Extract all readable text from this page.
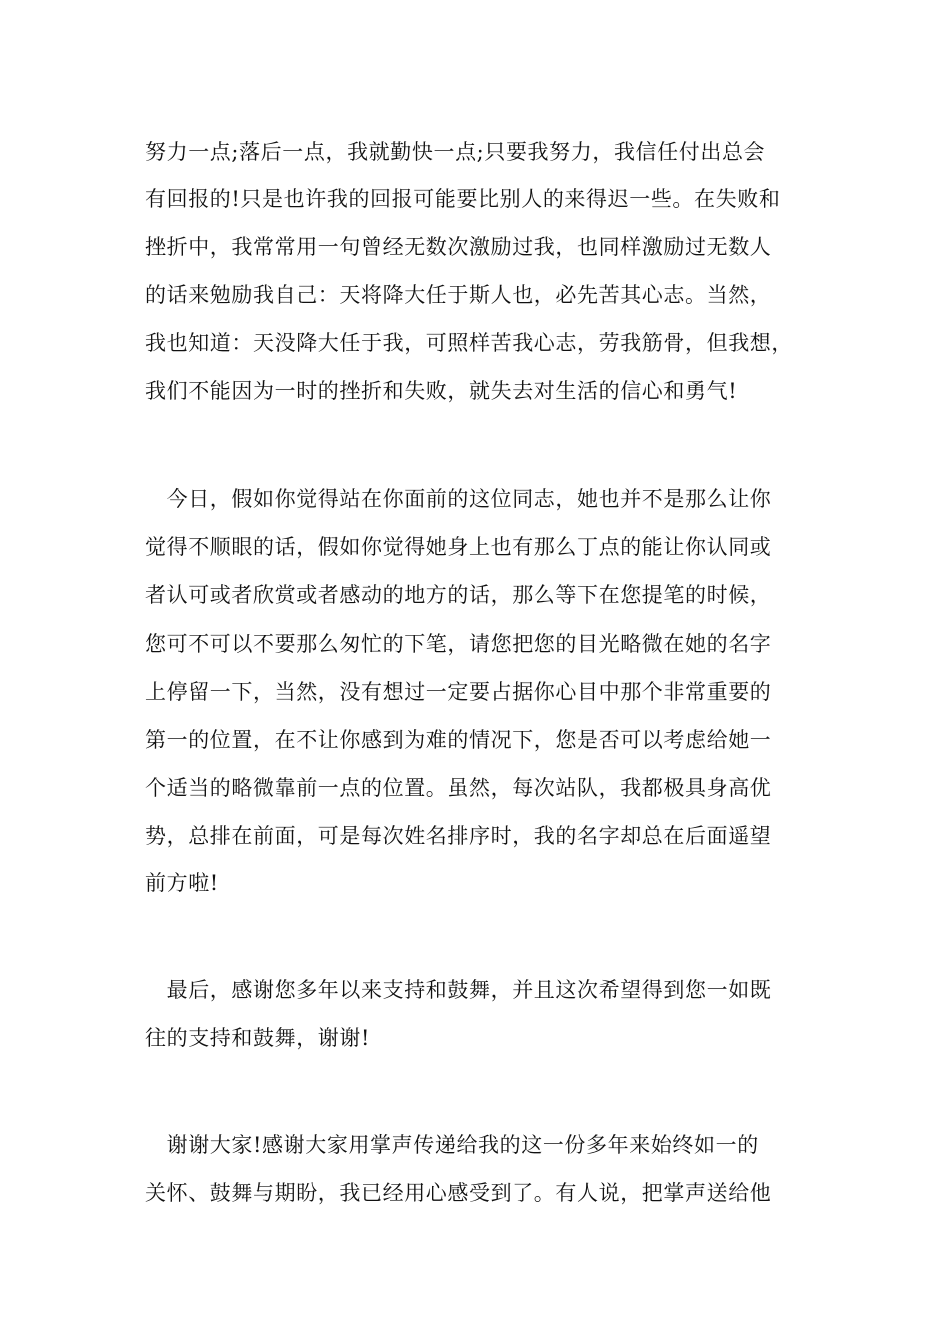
努力一点;落后一点，我就勤快一点;只要我努力，我信任付出总会
有回报的!只是也许我的回报可能要比别人的来得迟一些。在失败和
挫折中，我常常用一句曾经无数次激励过我，也同样激励过无数人
的话来勉励我自己：天将降大任于斯人也，必先苦其心志。当然，
我也知道：天没降大任于我，可照样苦我心志，劳我筋骨，但我想，
我们不能因为一时的挫折和失败，就失去对生活的信心和勇气!
　今日，假如你觉得站在你面前的这位同志，她也并不是那么让你
觉得不顺眼的话，假如你觉得她身上也有那么丁点的能让你认同或
者认可或者欣赏或者感动的地方的话，那么等下在您提笔的时候，
您可不可以不要那么匆忙的下笔，请您把您的目光略微在她的名字
上停留一下，当然，没有想过一定要占据你心目中那个非常重要的
第一的位置，在不让你感到为难的情况下，您是否可以考虑给她一
个适当的略微靠前一点的位置。虽然，每次站队，我都极具身高优
势，总排在前面，可是每次姓名排序时，我的名字却总在后面遥望
前方啦!
　最后，感谢您多年以来支持和鼓舞，并且这次希望得到您一如既
往的支持和鼓舞，谢谢!
　谢谢大家!感谢大家用掌声传递给我的这一份多年来始终如一的
关怀、鼓舞与期盼，我已经用心感受到了。有人说，把掌声送给他
